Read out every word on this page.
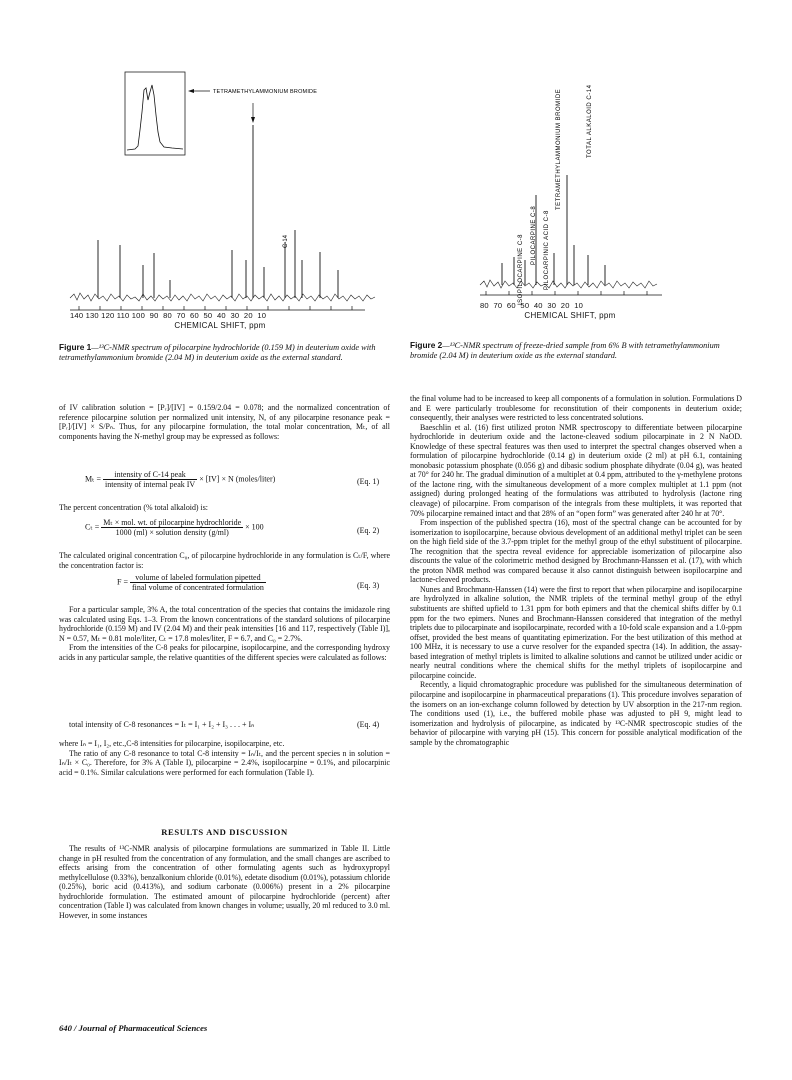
C-14
TETRAMETHYLAMMONIUM BROMIDE
140 130 120 110 100  90  80  70  60  50  40  30  20  10
CHEMICAL SHIFT, ppm
Figure 1—¹³C-NMR spectrum of pilocarpine hydrochloride (0.159 M) in deuterium oxide with tetramethylammonium bromide (2.04 M) in deuterium oxide as the external standard.
ISOPILOCARPINE C-8 PILOCARPINE C-8 PILOCARPINIC ACID C-8
TETRAMETHYLAMMONIUM BROMIDE	TOTAL ALKALOID C-14
80  70  60  50  40  30  20  10
CHEMICAL SHIFT, ppm
Figure 2—¹³C-NMR spectrum of freeze-dried sample from 6% B with tetramethylammonium bromide (2.04 M) in deuterium oxide as the external standard.

of IV calibration solution = [Pᵣ]/[IV] = 0.159/2.04 = 0.078; and the normalized concentration of reference pilocarpine solution per normalized unit intensity, N, of any pilocarpine resonance peak = [Pᵣ]/[IV] × S/Pₙ. Thus, for any pilocarpine formulation, the total molar concentration, Mₜ, of all components having the N-methyl group may be expressed as follows:

$M_t = \frac{\text{intensity of C-14 peak}}{\text{intensity of internal peak IV}} \times [IV] \times N$ (moles/liter)	(Eq. 1)

The percent concentration (% total alkaloid) is:

$C_t = \frac{\text{Mₜ × mol. wt. of pilocarpine hydrochloride}}{\text{1000 (ml) × solution density (g/ml)}} \times 100$	(Eq. 2)

The calculated original concentration C₀, of pilocarpine hydrochloride in any formulation is Cₜ/F, where the concentration factor is:

$F = \frac{\text{volume of labeled formulation pipetted}}{\text{final volume of concentrated formulation}}$	(Eq. 3)

For a particular sample, 3% A, the total concentration of the species that contains the imidazole ring was calculated using Eqs. 1–3. From the known concentrations of the standard solutions of pilocarpine hydrochloride (0.159 M) and IV (2.04 M) and their peak intensities [16 and 117, respectively (Table I)], N = 0.57, Mₜ = 0.81 mole/liter, Cₜ = 17.8 moles/liter, F = 6.7, and C₀ = 2.7%.

From the intensities of the C-8 peaks for pilocarpine, isopilocarpine, and the corresponding hydroxy acids in any particular sample, the relative quantities of the different species were calculated as follows:

total intensity of C-8 resonances = Iₜ = I₁ + I₂ + I₃ . . . + Iₙ	(Eq. 4)

where Iₙ = I₁, I₂, etc.,C-8 intensities for pilocarpine, isopilocarpine, etc.

The ratio of any C-8 resonance to total C-8 intensity = Iₙ/Iₜ, and the percent species n in solution = Iₙ/Iₜ × C₀. Therefore, for 3% A (Table I), pilocarpine = 2.4%, isopilocarpine = 0.1%, and pilocarpinic acid = 0.1%. Similar calculations were performed for each formulation (Table I).

RESULTS AND DISCUSSION

The results of ¹³C-NMR analysis of pilocarpine formulations are summarized in Table II. Little change in pH resulted from the concentration of any formulation, and the small changes are ascribed to effects arising from the concentration of other formulating agents such as hydroxypropyl methylcellulose (0.33%), benzalkonium chloride (0.01%), edetate disodium (0.01%), potassium chloride (0.25%), boric acid (0.413%), and sodium carbonate (0.006%) present in a 2% pilocarpine hydrochloride formulation. The estimated amount of pilocarpine hydrochloride (percent) after concentration (Table I) was calculated from known changes in volume; usually, 20 ml reduced to 3.0 ml. However, in some instances

the final volume had to be increased to keep all components of a formulation in solution. Formulations D and E were particularly troublesome for reconstitution of their components in deuterium oxide; consequently, their analyses were restricted to less concentrated solutions.

Baeschlin et al. (16) first utilized proton NMR spectroscopy to differentiate between pilocarpine hydrochloride in deuterium oxide and the lactone-cleaved sodium pilocarpinate in 2 N NaOD. Knowledge of these spectral features was then used to interpret the spectral changes observed when a formulation of pilocarpine hydrochloride (0.14 g) in deuterium oxide (2 ml) at pH 6.1, containing monobasic potassium phosphate (0.056 g) and dibasic sodium phosphate dihydrate (0.04 g), was heated at 70° for 240 hr. The gradual diminution of a multiplet at 0.4 ppm, attributed to the γ-methylene protons of the lactone ring, with the simultaneous development of a more complex multiplet at 1.1 ppm (not assigned) during prolonged heating of the formulations was attributed to hydrolysis (lactone ring cleavage) of pilocarpine. From comparison of the integrals from these multiplets, it was reported that 70% pilocarpine remained intact and that 28% of an “open form” was generated after 240 hr at 70°.

From inspection of the published spectra (16), most of the spectral change can be accounted for by isomerization to isopilocarpine, because obvious development of an additional methyl triplet can be seen on the high field side of the 3.7-ppm triplet for the methyl group of the ethyl substituent of pilocarpine. The recognition that the spectra reveal evidence for appreciable isomerization of pilocarpine also discounts the value of the colorimetric method designed by Brochmann-Hanssen et al. (17), with which the proton NMR method was compared because it also cannot distinguish between isopilocarpine and lactone-cleaved products.

Nunes and Brochmann-Hanssen (14) were the first to report that when pilocarpine and isopilocarpine are hydrolyzed in alkaline solution, the NMR triplets of the terminal methyl group of the ethyl substituents are shifted upfield to 1.31 ppm for both epimers and that the chemical shifts differ by 0.1 ppm for the two epimers. Nunes and Brochmann-Hanssen considered that integration of the methyl triplets due to pilocarpinate and isopilocarpinate, recorded with a 10-fold scale expansion and a 1.0-ppm offset, provided the best means of quantitating epimerization. For the best utilization of this method at 100 MHz, it is necessary to use a curve resolver for the expanded spectra (14). In addition, the assay-based integration of methyl triplets is limited to alkaline solutions and cannot be utilized under acidic or nearly neutral conditions where the chemical shifts for the methyl triplets of isopilocarpine and pilocarpine coincide.

Recently, a liquid chromatographic procedure was published for the simultaneous determination of pilocarpine and isopilocarpine in pharmaceutical preparations (1). This procedure involves separation of the isomers on an ion-exchange column followed by detection by UV absorption in the 217-nm region. The conditions used (1), i.e., the buffered mobile phase was adjusted to pH 9, might lead to isomerization and hydrolysis of pilocarpine, as indicated by ¹³C-NMR spectroscopic studies of the behavior of pilocarpine with varying pH (15). This concern for possible analytical modification of the sample by the chromatographic

640 / Journal of Pharmaceutical Sciences
